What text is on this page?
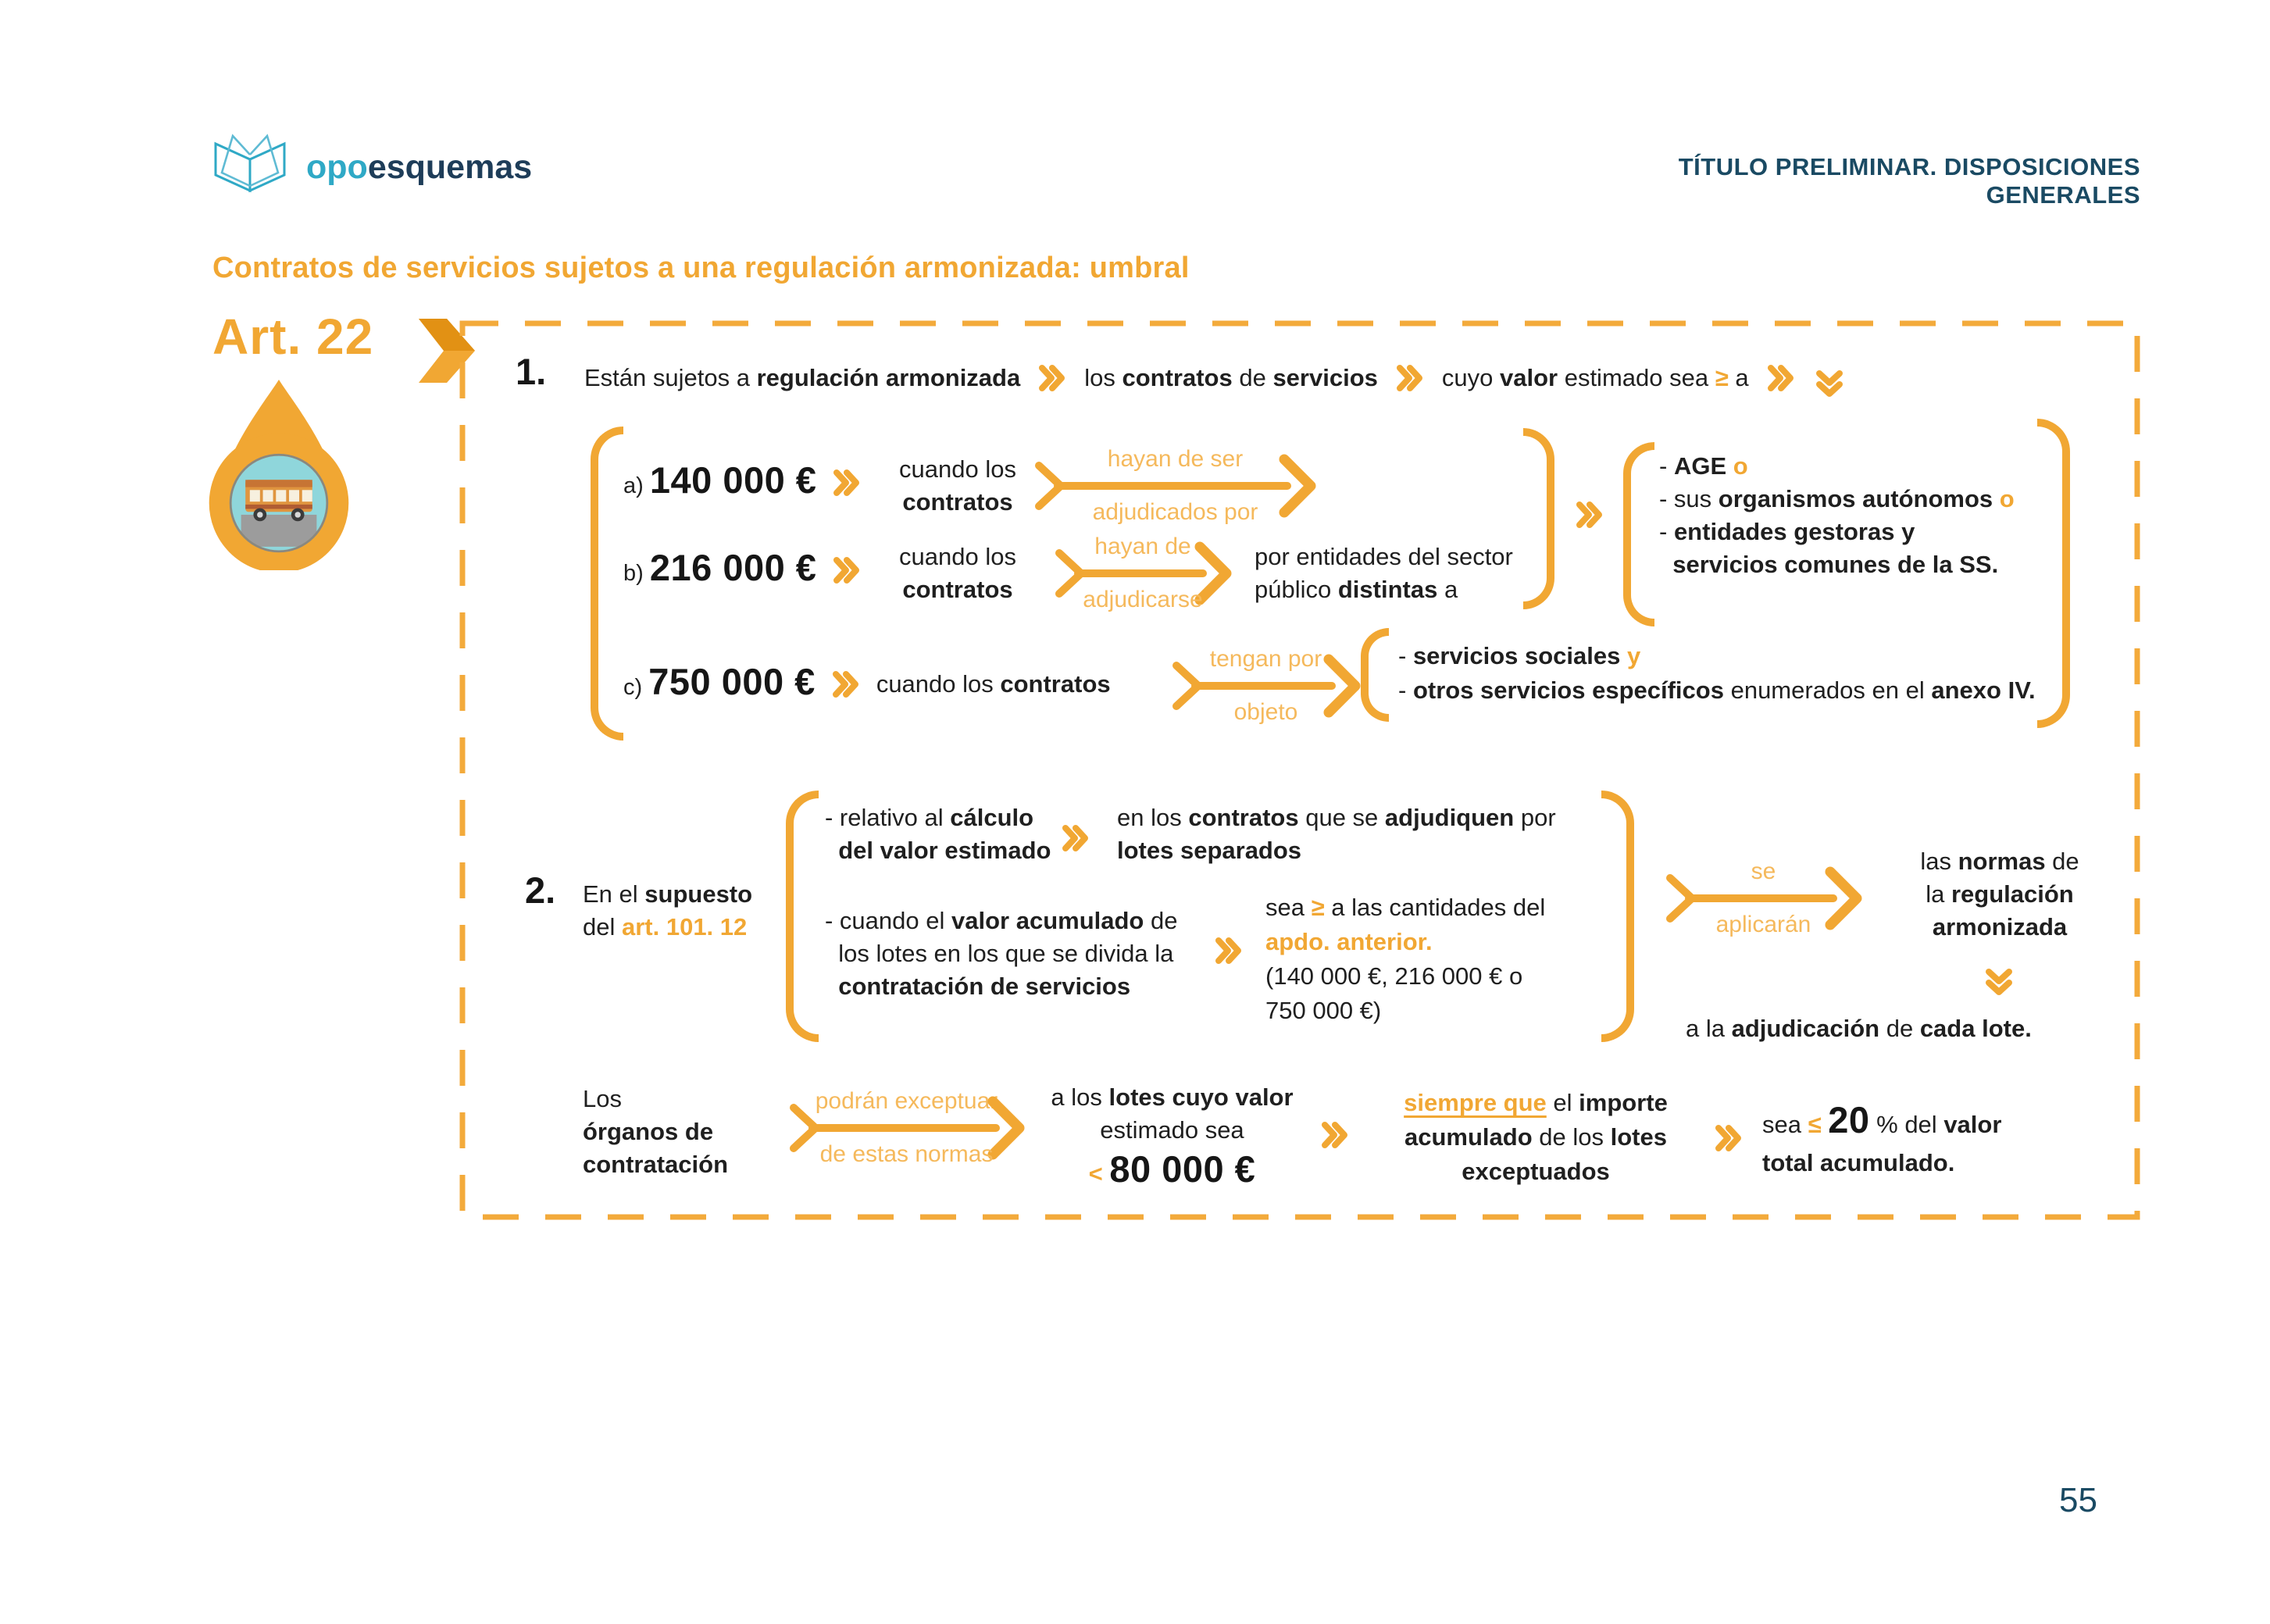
opoesquemas	TÍTULO PRELIMINAR. DISPOSICIONES GENERALES
Contratos de servicios sujetos a una regulación armonizada: umbral
Art. 22
1. Están sujetos a regulación armonizada	los contratos de servicios	cuyo valor estimado sea ≥ a
a) 140 000 €	cuando los
contratos
hayan de ser
adjudicados por
b) 216 000 €	cuando los
contratos
hayan de
adjudicarse
por entidades del sector
público distintas a
- AGE o
- sus organismos autónomos o
- entidades gestoras y
servicios comunes de la SS.
c) 750 000 €	cuando los contratos
tengan por
objeto
- servicios sociales y
- otros servicios específicos enumerados en el anexo IV.
2. En el supuesto
del art. 101. 12
- relativo al cálculo
del valor estimado
en los contratos que se adjudiquen por
lotes separados
- cuando el valor acumulado de
los lotes en los que se divida la
contratación de servicios
sea ≥ a las cantidades del
apdo. anterior.
(140 000 €, 216 000 € o
750 000 €)
se
aplicarán
las normas de
la regulación
armonizada
a la adjudicación de cada lote.
Los
órganos de
contratación
podrán exceptuar
de estas normas
a los lotes cuyo valor
estimado sea
< 80 000 €
siempre que el importe
acumulado de los lotes
exceptuados
sea ≤ 20 % del valor
total acumulado.
55
